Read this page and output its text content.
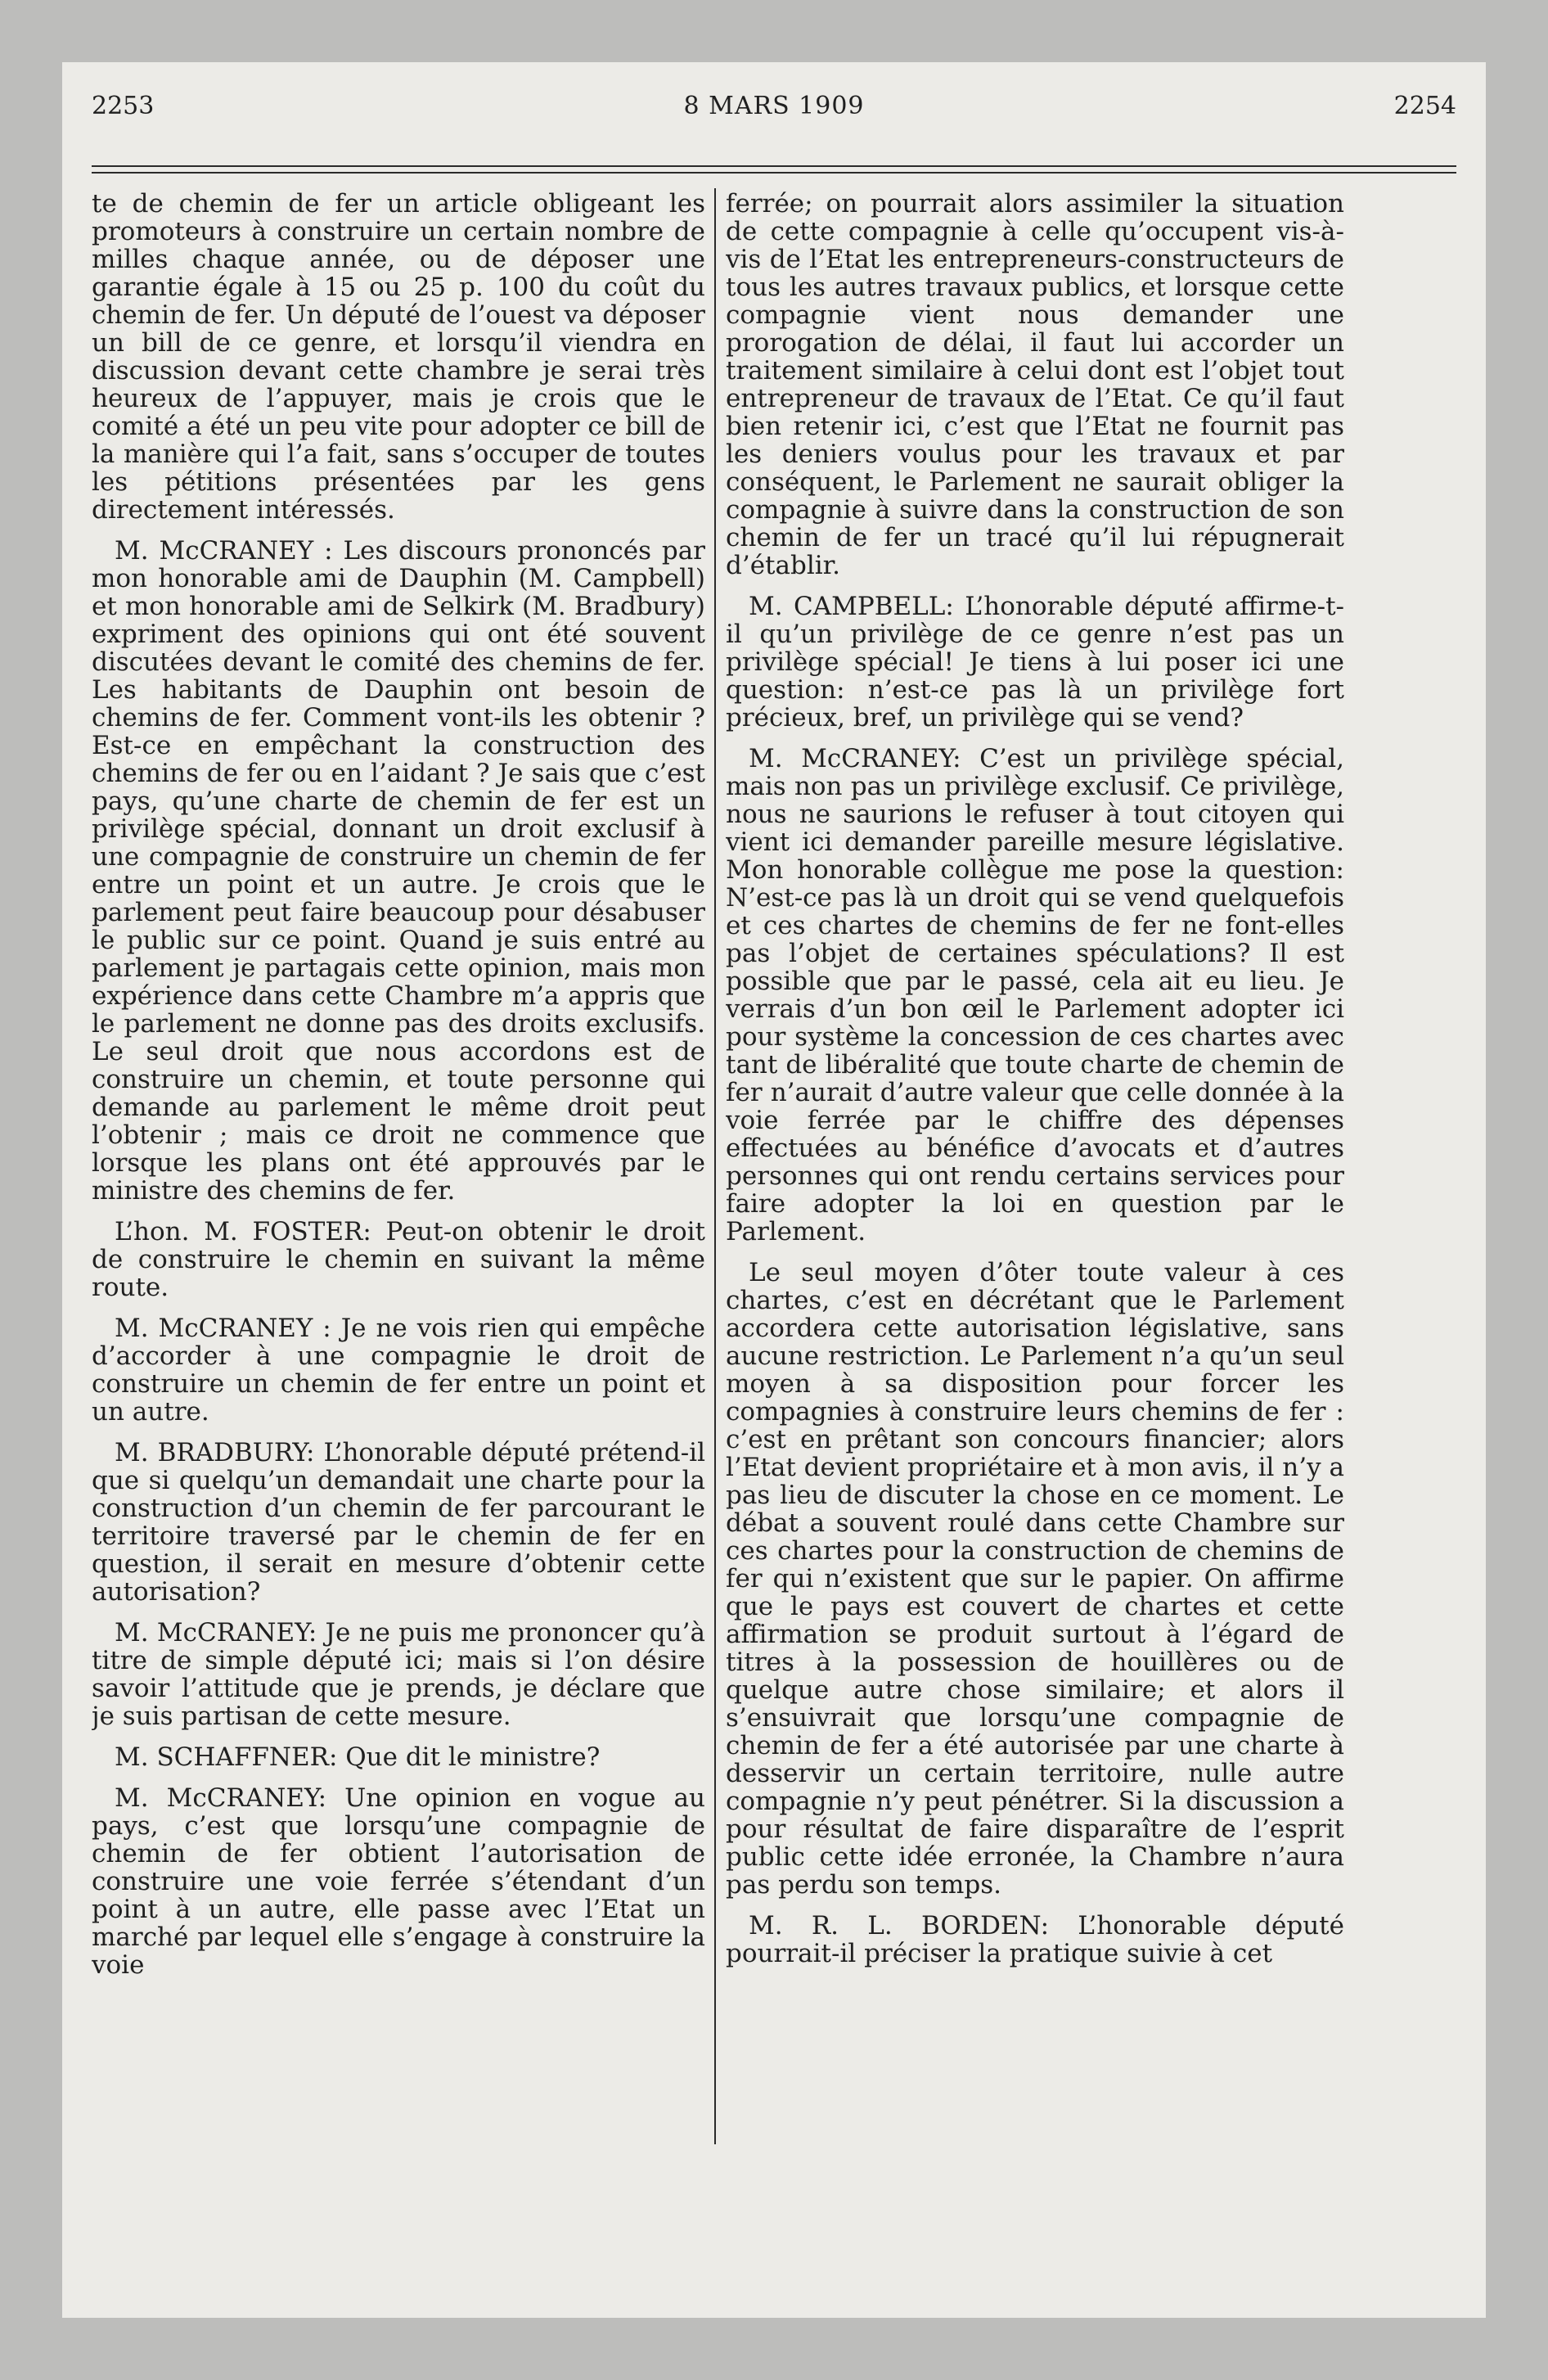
2253	8 MARS 1909	2254

te de chemin de fer un article obligeant les promoteurs à construire un certain nombre de milles chaque année, ou de déposer une garantie égale à 15 ou 25 p. 100 du coût du chemin de fer. Un député de l’ouest va déposer un bill de ce genre, et lorsqu’il viendra en discussion devant cette chambre je serai très heureux de l’appuyer, mais je crois que le comité a été un peu vite pour adopter ce bill de la manière qui l’a fait, sans s’occuper de toutes les pétitions présentées par les gens directement intéressés.

M. McCRANEY : Les discours prononcés par mon honorable ami de Dauphin (M. Campbell) et mon honorable ami de Selkirk (M. Bradbury) expriment des opinions qui ont été souvent discutées devant le comité des chemins de fer. Les habitants de Dauphin ont besoin de chemins de fer. Comment vont-ils les obtenir ? Est-ce en empêchant la construction des chemins de fer ou en l’aidant ? Je sais que c’est pays, qu’une charte de chemin de fer est un privilège spécial, donnant un droit exclusif à une compagnie de construire un chemin de fer entre un point et un autre. Je crois que le parlement peut faire beaucoup pour désabuser le public sur ce point. Quand je suis entré au parlement je partagais cette opinion, mais mon expérience dans cette Chambre m’a appris que le parlement ne donne pas des droits exclusifs. Le seul droit que nous accordons est de construire un chemin, et toute personne qui demande au parlement le même droit peut l’obtenir ; mais ce droit ne commence que lorsque les plans ont été approuvés par le ministre des chemins de fer.

L’hon. M. FOSTER: Peut-on obtenir le droit de construire le chemin en suivant la même route.

M. McCRANEY : Je ne vois rien qui empêche d’accorder à une compagnie le droit de construire un chemin de fer entre un point et un autre.

M. BRADBURY: L’honorable député prétend-il que si quelqu’un demandait une charte pour la construction d’un chemin de fer parcourant le territoire traversé par le chemin de fer en question, il serait en mesure d’obtenir cette autorisation?

M. McCRANEY: Je ne puis me prononcer qu’à titre de simple député ici; mais si l’on désire savoir l’attitude que je prends, je déclare que je suis partisan de cette mesure.

M. SCHAFFNER: Que dit le ministre?

M. McCRANEY: Une opinion en vogue au pays, c’est que lorsqu’une compagnie de chemin de fer obtient l’autorisation de construire une voie ferrée s’étendant d’un point à un autre, elle passe avec l’Etat un marché par lequel elle s’engage à construire la voie

ferrée; on pourrait alors assimiler la situation de cette compagnie à celle qu’occupent vis-à-vis de l’Etat les entrepreneurs-constructeurs de tous les autres travaux publics, et lorsque cette compagnie vient nous demander une prorogation de délai, il faut lui accorder un traitement similaire à celui dont est l’objet tout entrepreneur de travaux de l’Etat. Ce qu’il faut bien retenir ici, c’est que l’Etat ne fournit pas les deniers voulus pour les travaux et par conséquent, le Parlement ne saurait obliger la compagnie à suivre dans la construction de son chemin de fer un tracé qu’il lui répugnerait d’établir.

M. CAMPBELL: L’honorable député affirme-t-il qu’un privilège de ce genre n’est pas un privilège spécial! Je tiens à lui poser ici une question: n’est-ce pas là un privilège fort précieux, bref, un privilège qui se vend?

M. McCRANEY: C’est un privilège spécial, mais non pas un privilège exclusif. Ce privilège, nous ne saurions le refuser à tout citoyen qui vient ici demander pareille mesure législative. Mon honorable collègue me pose la question: N’est-ce pas là un droit qui se vend quelquefois et ces chartes de chemins de fer ne font-elles pas l’objet de certaines spéculations? Il est possible que par le passé, cela ait eu lieu. Je verrais d’un bon œil le Parlement adopter ici pour système la concession de ces chartes avec tant de libéralité que toute charte de chemin de fer n’aurait d’autre valeur que celle donnée à la voie ferrée par le chiffre des dépenses effectuées au bénéfice d’avocats et d’autres personnes qui ont rendu certains services pour faire adopter la loi en question par le Parlement.

Le seul moyen d’ôter toute valeur à ces chartes, c’est en décrétant que le Parlement accordera cette autorisation législative, sans aucune restriction. Le Parlement n’a qu’un seul moyen à sa disposition pour forcer les compagnies à construire leurs chemins de fer : c’est en prêtant son concours financier; alors l’Etat devient propriétaire et à mon avis, il n’y a pas lieu de discuter la chose en ce moment. Le débat a souvent roulé dans cette Chambre sur ces chartes pour la construction de chemins de fer qui n’existent que sur le papier. On affirme que le pays est couvert de chartes et cette affirmation se produit surtout à l’égard de titres à la possession de houillères ou de quelque autre chose similaire; et alors il s’ensuivrait que lorsqu’une compagnie de chemin de fer a été autorisée par une charte à desservir un certain territoire, nulle autre compagnie n’y peut pénétrer. Si la discussion a pour résultat de faire disparaître de l’esprit public cette idée erronée, la Chambre n’aura pas perdu son temps.

M. R. L. BORDEN: L’honorable député pourrait-il préciser la pratique suivie à cet
